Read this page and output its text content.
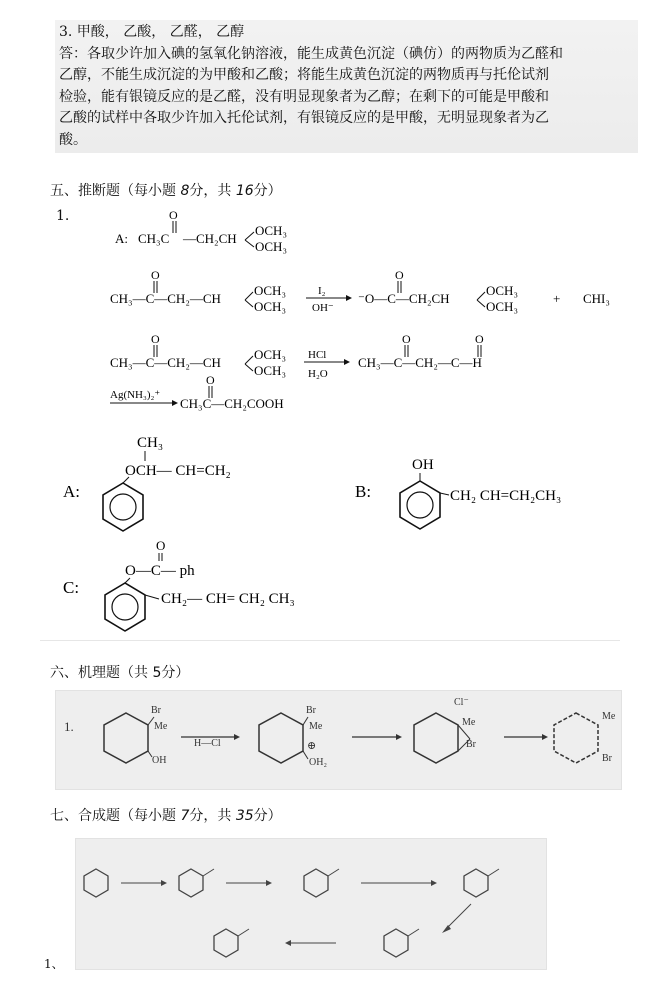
3. 甲酸， 乙酸， 乙醛， 乙醇
答：各取少许加入碘的氢氧化钠溶液，能生成黄色沉淀（碘仿）的两物质为乙醛和
乙醇，不能生成沉淀的为甲酸和乙酸；将能生成黄色沉淀的两物质再与托伦试剂
检验，能有银镜反应的是乙醛，没有明显现象者为乙醇；在剩下的可能是甲酸和
乙酸的试样中各取少许加入托伦试剂，有银镜反应的是甲酸，无明显现象者为乙
酸。
五、推断题（每小题 8分，共 16分）
1.
A: CH₃C
O
—CH₂CH
OCH₃
OCH₃
CH₃—C—CH₂—CH
O
OCH₃
OCH₃
I₂
OH⁻
⁻O—C—CH₂CH
O
OCH₃
OCH₃
+ CHI₃
CH₃—C—CH₂—CH
O
OCH₃
OCH₃
HCl
H₂O
CH₃—C—CH₂—C—H
O	O
Ag(NH₃)₂⁺
CH₃C—CH₂COOH
O
A:
CH₃
OCH— CH=CH₂
B:
OH
CH₂ CH=CH₂CH₃
C:
O
O—C— ph
CH₂— CH= CH₂ CH₃
六、机理题（共 5分）
1.
Br
Me
OH
H—Cl
Br
Me
⊕
OH₂
Cl⁻
Me
Br
Me
Br
七、合成题（每小题 7分，共 35分）
1、
